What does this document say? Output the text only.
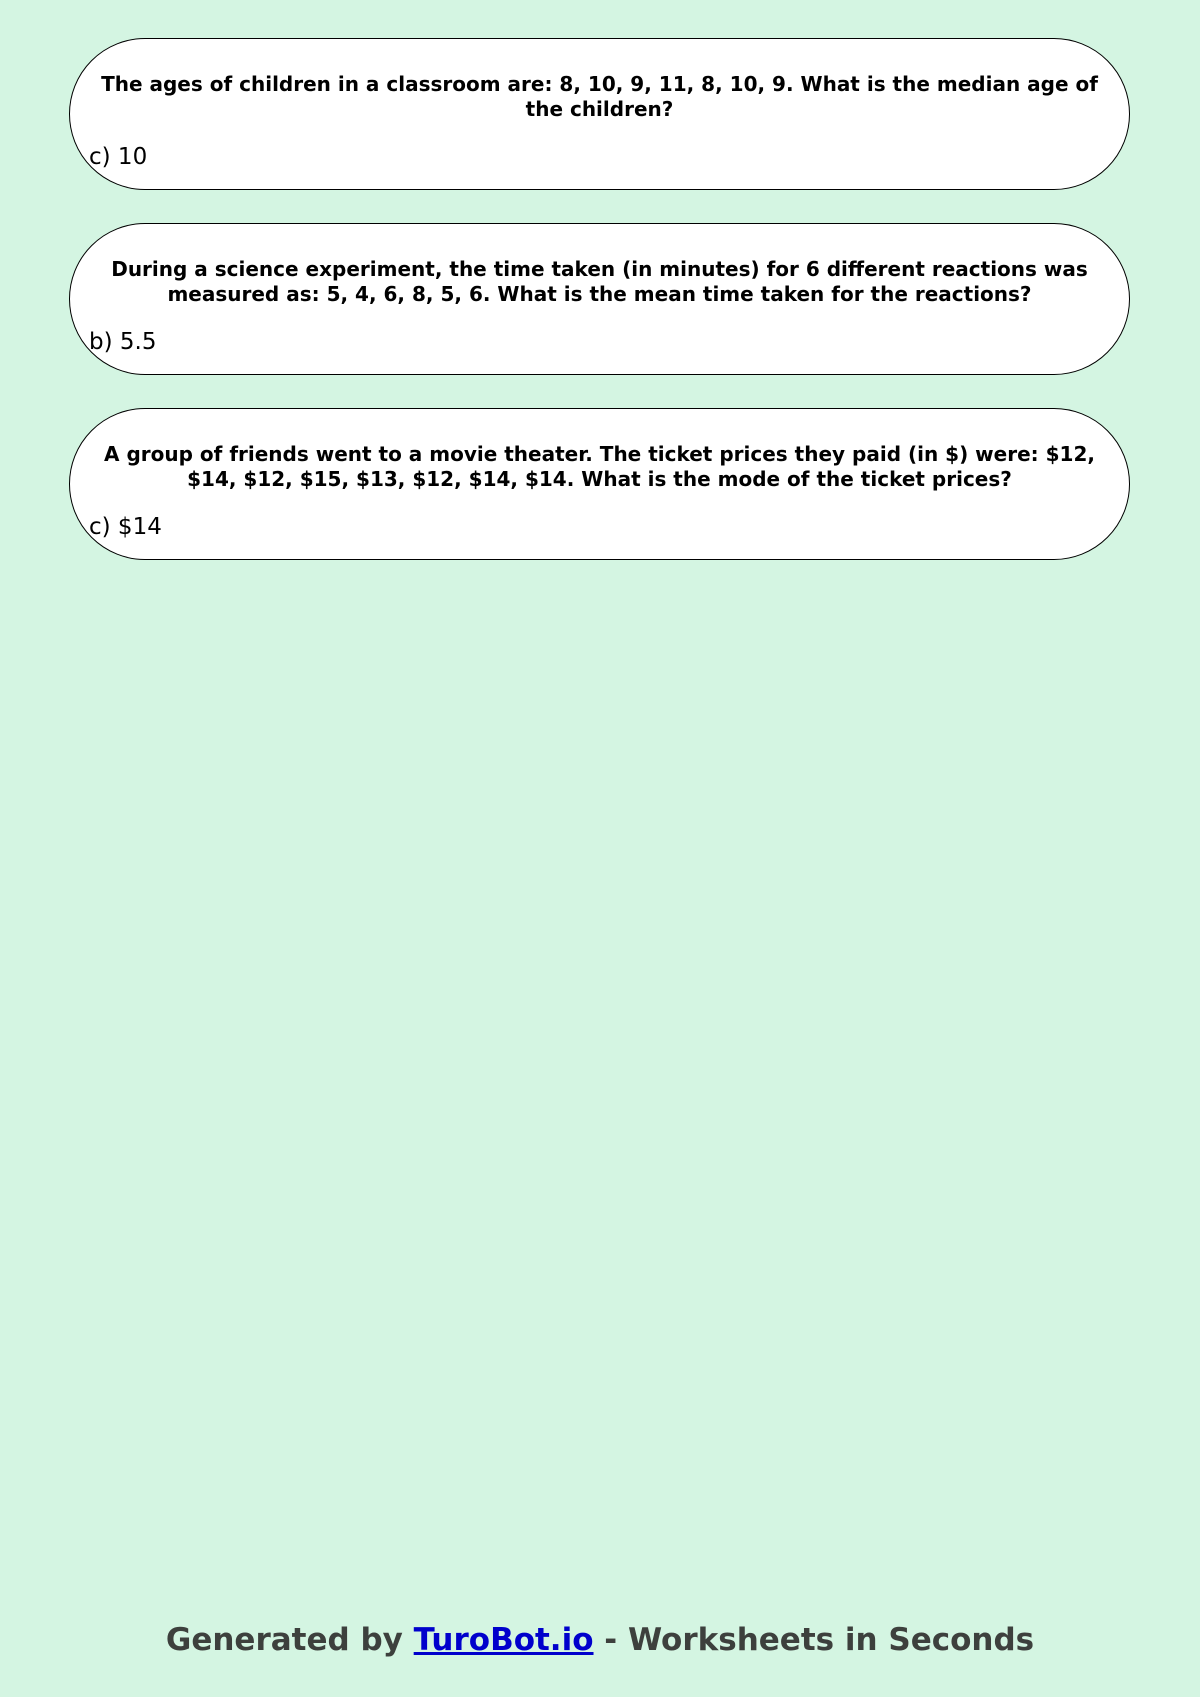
The ages of children in a classroom are: 8, 10, 9, 11, 8, 10, 9. What is the median age of the children?

c) 10

During a science experiment, the time taken (in minutes) for 6 different reactions was measured as: 5, 4, 6, 8, 5, 6. What is the mean time taken for the reactions?

b) 5.5

A group of friends went to a movie theater. The ticket prices they paid (in $) were: $12, $14, $12, $15, $13, $12, $14, $14. What is the mode of the ticket prices?

c) $14

Generated by TuroBot.io - Worksheets in Seconds
